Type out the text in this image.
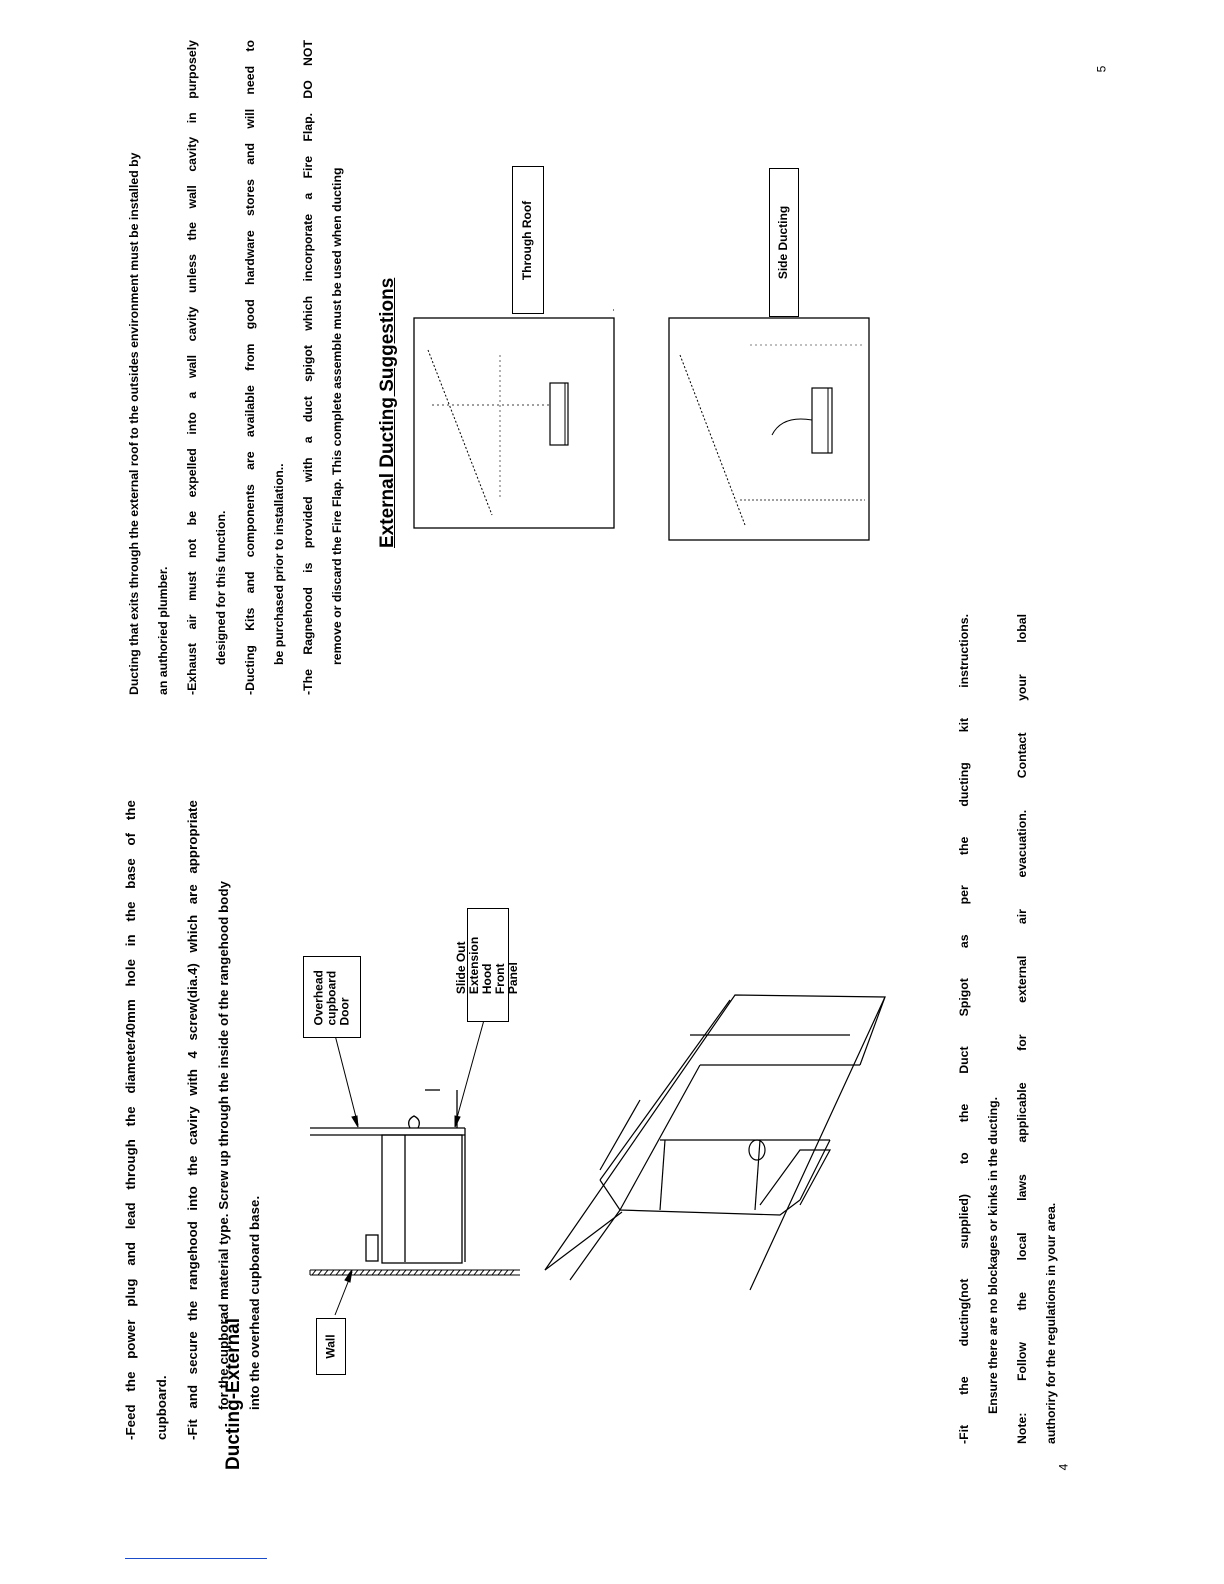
-Feed the power plug and lead through the diameter40mm hole in the base of the	cupboard.	-Fit and secure the rangehood into the caviry with 4 screw(dia.4) which are appropriate	for the cupborad material type. Screw up through the inside of the rangehood body	into the overhead cupboard base.	Wall
Overhead cupboard Door
Slide Out Extension Hood Front Panel
Ducting-External	-Fit the ducting(not supplied) to the Duct Spigot as per the ducting kit instructions.	Ensure there are no blockages or kinks in the ducting.	Note: Follow the local laws applicable for external air evacuation. Contact your lobal	authoriry for the regulations in your area.

4

Ducting that exits through the external roof to the outsides environment must be installed by	an authoried plumber.	-Exhaust air must not be expelled into a wall cavity unless the wall cavity in purposely	designed for this function.	-Ducting Kits and components are available from good hardware stores and will need to	be purchased prior to installation..	-The Ragnehood is provided with a duct spigot which incorporate a Fire Flap. DO NOT	remove or discard the Fire Flap. This complete assemble must be used when ducting	External Ducting Suggestions
Through Roof	Side Ducting
5
